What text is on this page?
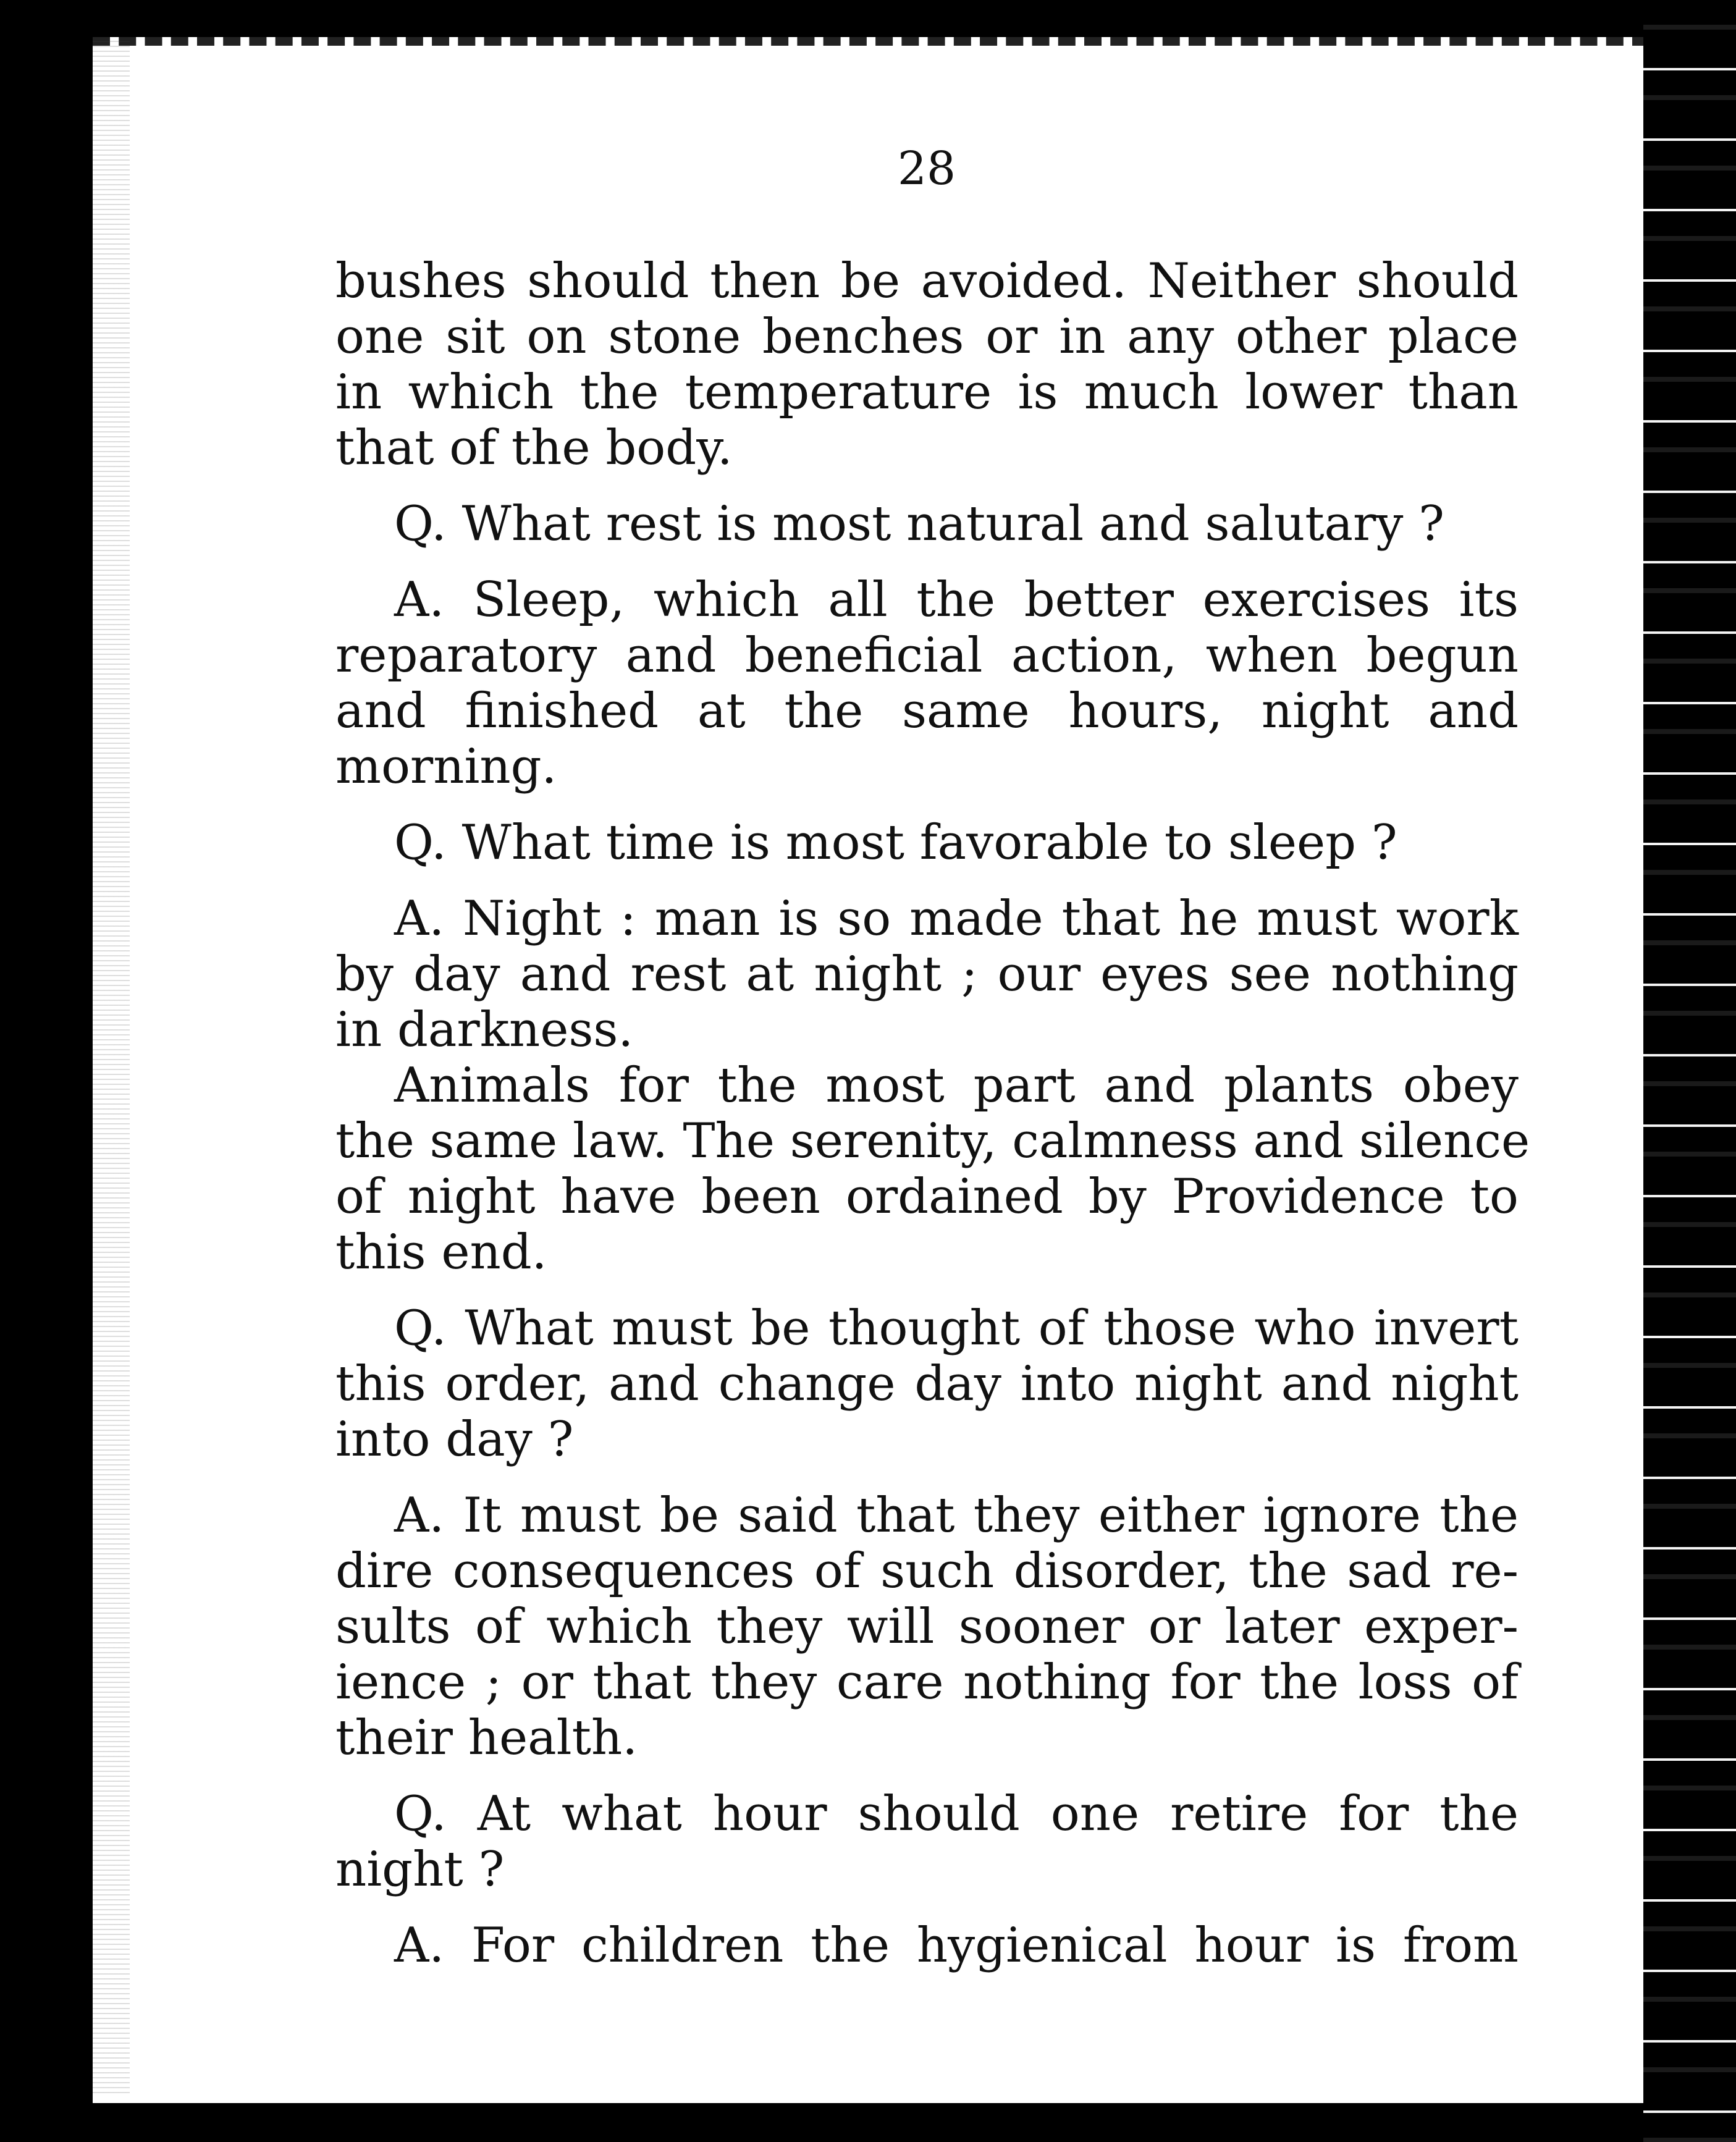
28
bushes should then be avoided. Neither should
one sit on stone benches or in any other place
in which the temperature is much lower than
that of the body.
Q. What rest is most natural and salutary ?
A. Sleep, which all the better exercises its
reparatory and beneficial action, when begun
and finished at the same hours, night and
morning.
Q. What time is most favorable to sleep ?
A. Night : man is so made that he must work
by day and rest at night ; our eyes see nothing
in darkness.
Animals for the most part and plants obey
the same law. The serenity, calmness and silence
of night have been ordained by Providence to
this end.
Q. What must be thought of those who invert
this order, and change day into night and night
into day ?
A. It must be said that they either ignore the
dire consequences of such disorder, the sad re-
sults of which they will sooner or later exper-
ience ; or that they care nothing for the loss of
their health.
Q. At what hour should one retire for the
night ?
A. For children the hygienical hour is from
